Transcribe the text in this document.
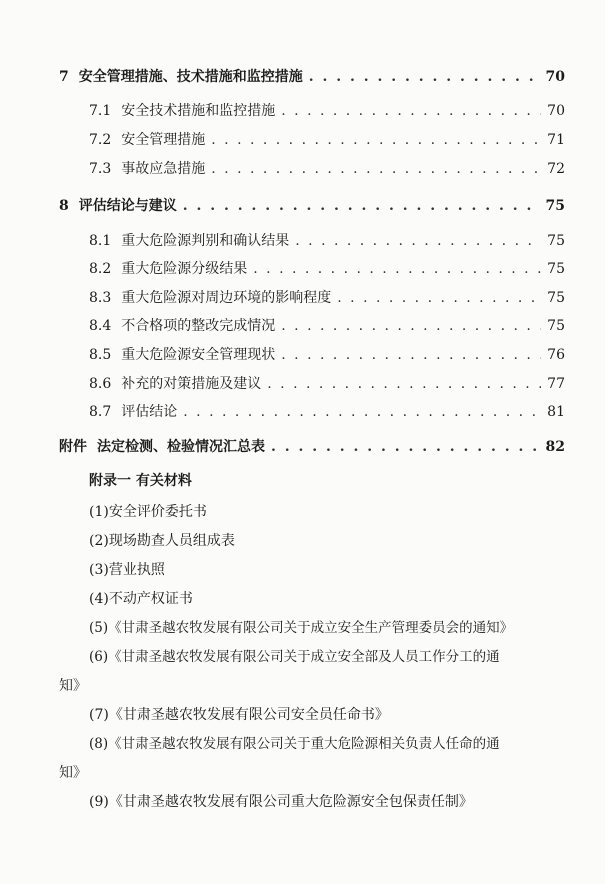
7 安全管理措施、技术措施和监控措施 . . .	70
7.1 安全技术措施和监控措施 . . .	70
7.2 安全管理措施 . . .	71
7.3 事故应急措施 . . .	72
8 评估结论与建议 . . .	75
8.1 重大危险源判别和确认结果 . . .	75
8.2 重大危险源分级结果 . . .	75
8.3 重大危险源对周边环境的影响程度 . . .	75
8.4 不合格项的整改完成情况 . . .	75
8.5 重大危险源安全管理现状 . . .	76
8.6 补充的对策措施及建议 . . .	77
8.7 评估结论 . . .	81
附件 法定检测、检验情况汇总表 . . .	82
附录一 有关材料
(1)安全评价委托书
(2)现场勘查人员组成表
(3)营业执照
(4)不动产权证书
(5)《甘肃圣越农牧发展有限公司关于成立安全生产管理委员会的通知》
(6)《甘肃圣越农牧发展有限公司关于成立安全部及人员工作分工的通
知》
(7)《甘肃圣越农牧发展有限公司安全员任命书》
(8)《甘肃圣越农牧发展有限公司关于重大危险源相关负责人任命的通
知》
(9)《甘肃圣越农牧发展有限公司重大危险源安全包保责任制》
